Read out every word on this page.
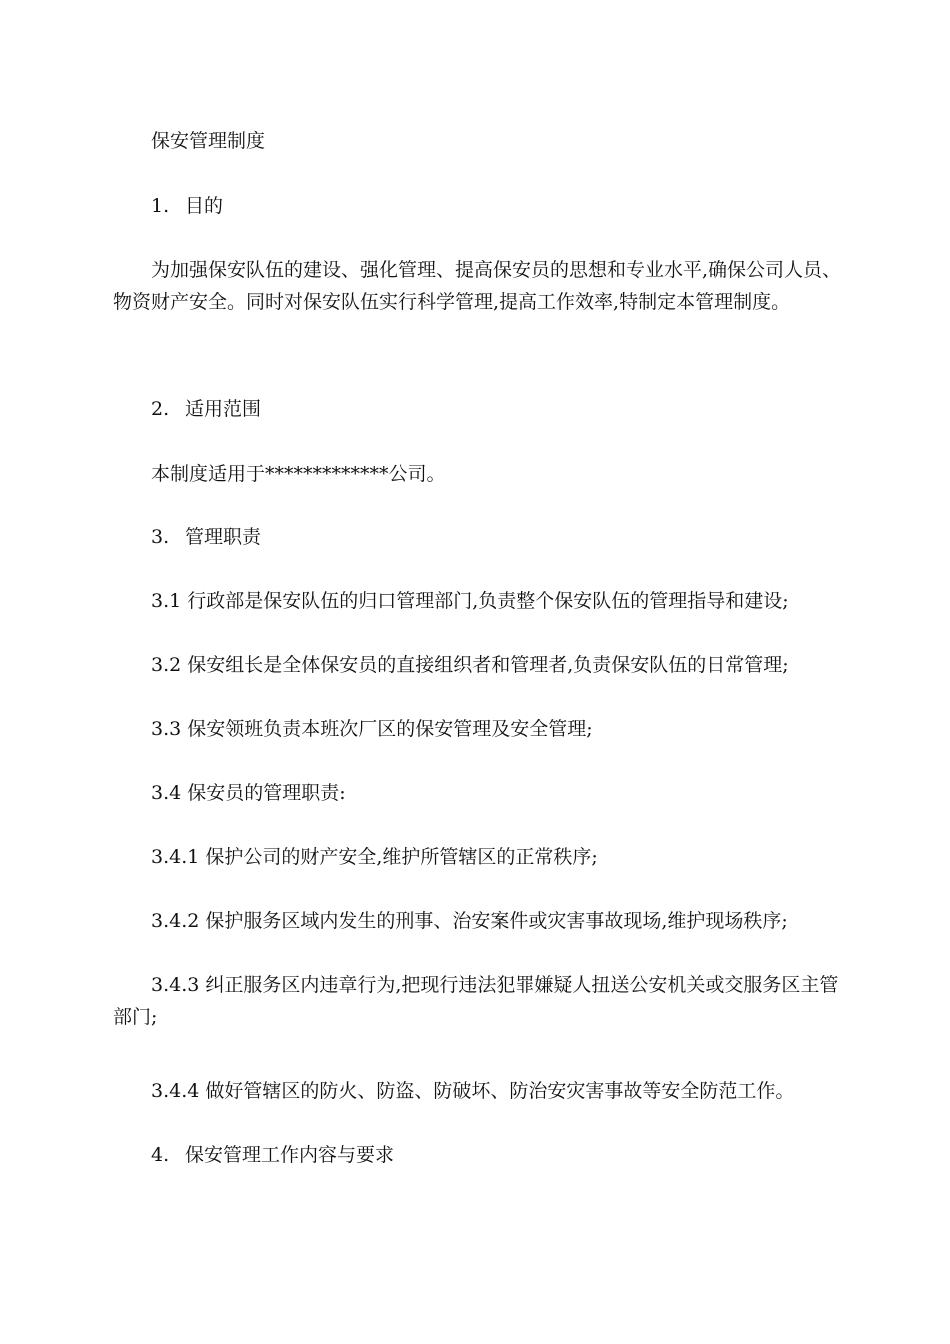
保安管理制度
1. 目的
为加强保安队伍的建设、强化管理、提高保安员的思想和专业水平,确保公司人员、物资财产安全。同时对保安队伍实行科学管理,提高工作效率,特制定本管理制度。
2. 适用范围
本制度适用于*************公司。
3. 管理职责
3.1 行政部是保安队伍的归口管理部门,负责整个保安队伍的管理指导和建设;
3.2 保安组长是全体保安员的直接组织者和管理者,负责保安队伍的日常管理;
3.3 保安领班负责本班次厂区的保安管理及安全管理;
3.4 保安员的管理职责:
3.4.1 保护公司的财产安全,维护所管辖区的正常秩序;
3.4.2 保护服务区域内发生的刑事、治安案件或灾害事故现场,维护现场秩序;
3.4.3 纠正服务区内违章行为,把现行违法犯罪嫌疑人扭送公安机关或交服务区主管部门;
3.4.4 做好管辖区的防火、防盗、防破坏、防治安灾害事故等安全防范工作。
4. 保安管理工作内容与要求
